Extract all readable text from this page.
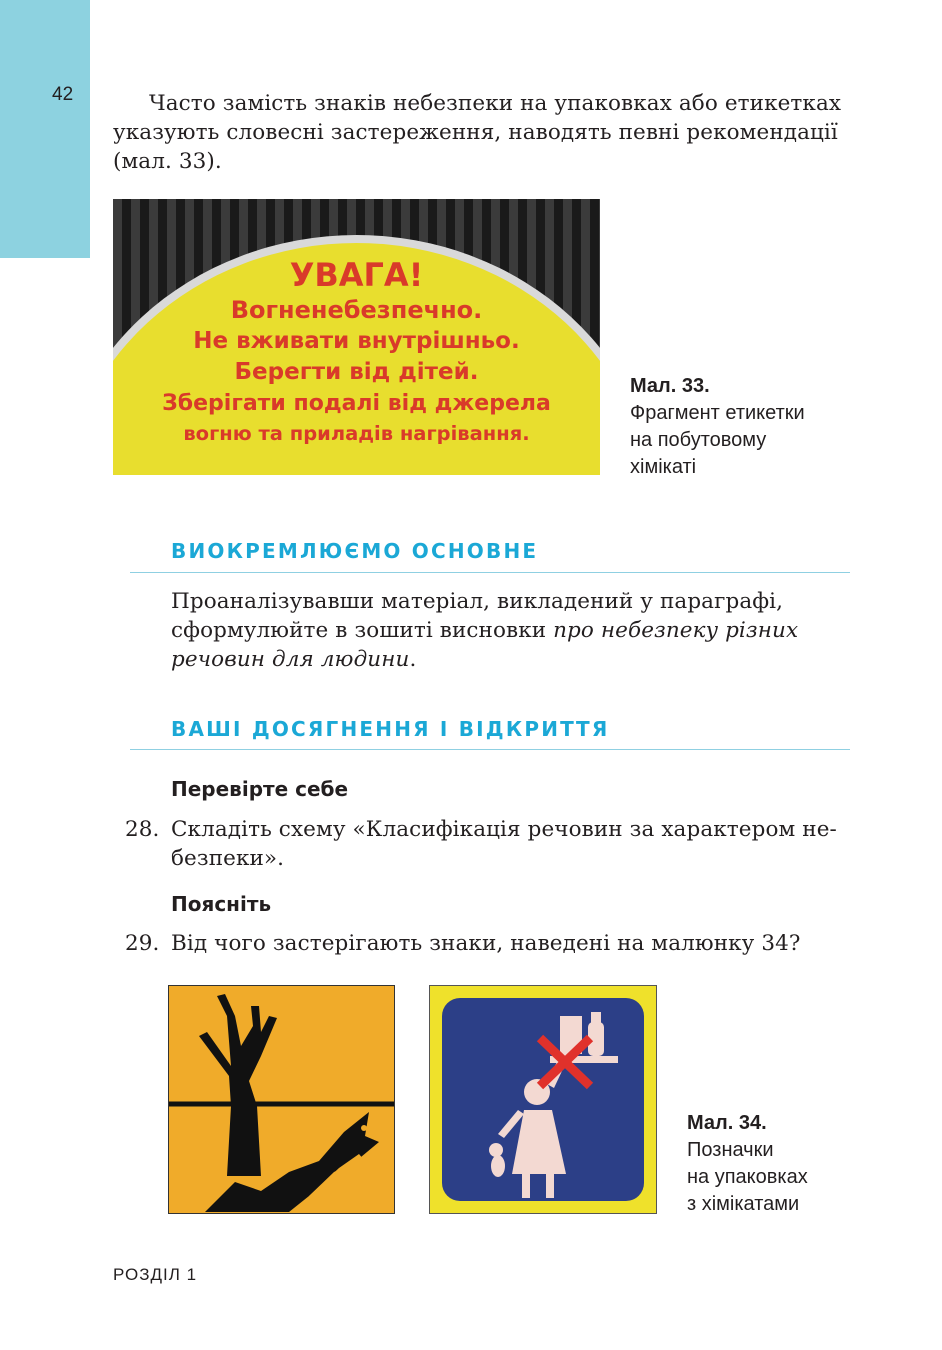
42	Часто замість знаків небезпеки на упаковках або етикетках
указують словесні застереження, наводять певні рекомендації
(мал. 33).
УВАГА!
Вогненебезпечно.
Не вживати внутрішньо.
Берегти від дітей.
Зберігати подалі від джерела
вогню та приладів нагрівання.
Мал. 33.
Фрагмент етикетки
на побутовому
хімікаті
ВИОКРЕМЛЮЄМО ОСНОВНЕ
Проаналізувавши матеріал, викладений у параграфі,
сформулюйте в зошиті висновки про небезпеку різних
речовин для людини.
ВАШІ ДОСЯГНЕННЯ І ВІДКРИТТЯ
Перевірте себе
28. Складіть схему «Класифікація речовин за характером не-
безпеки».
Поясніть
29. Від чого застерігають знаки, наведені на малюнку 34?
Мал. 34.
Позначки
на упаковках
з хімікатами
РОЗДІЛ 1
